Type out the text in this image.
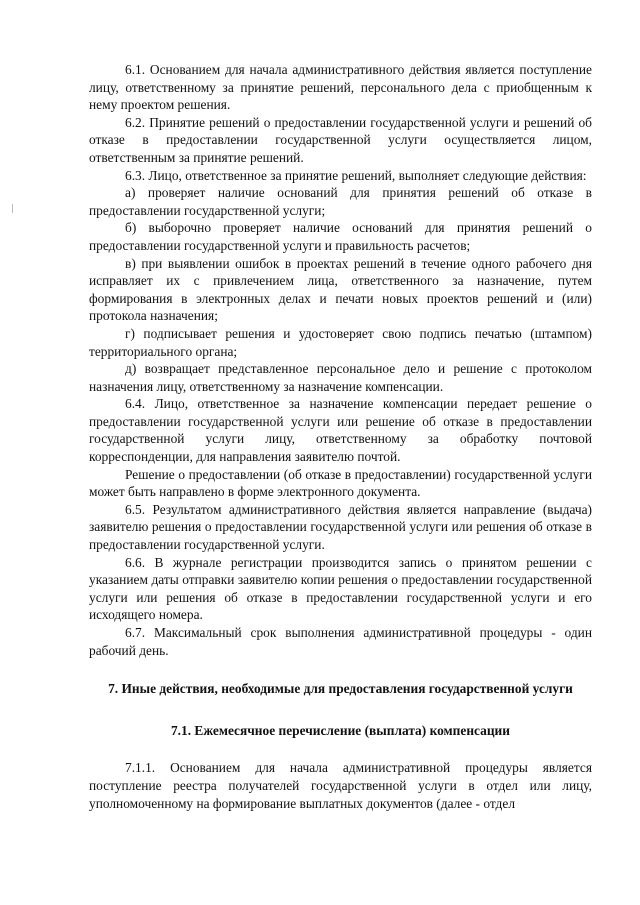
6.1. Основанием для начала административного действия является поступление лицу, ответственному за принятие решений, персонального дела с приобщенным к нему проектом решения.

6.2. Принятие решений о предоставлении государственной услуги и решений об отказе в предоставлении государственной услуги осуществляется лицом, ответственным за принятие решений.

6.3. Лицо, ответственное за принятие решений, выполняет следующие действия:

а) проверяет наличие оснований для принятия решений об отказе в предоставлении государственной услуги;

б) выборочно проверяет наличие оснований для принятия решений о предоставлении государственной услуги и правильность расчетов;

в) при выявлении ошибок в проектах решений в течение одного рабочего дня исправляет их с привлечением лица, ответственного за назначение, путем формирования в электронных делах и печати новых проектов решений и (или) протокола назначения;

г) подписывает решения и удостоверяет свою подпись печатью (штампом) территориального органа;

д) возвращает представленное персональное дело и решение с протоколом назначения лицу, ответственному за назначение компенсации.

6.4. Лицо, ответственное за назначение компенсации передает решение о предоставлении государственной услуги или решение об отказе в предоставлении государственной услуги лицу, ответственному за обработку почтовой корреспонденции, для направления заявителю почтой.

Решение о предоставлении (об отказе в предоставлении) государственной услуги может быть направлено в форме электронного документа.

6.5. Результатом административного действия является направление (выдача) заявителю решения о предоставлении государственной услуги или решения об отказе в предоставлении государственной услуги.

6.6. В журнале регистрации производится запись о принятом решении с указанием даты отправки заявителю копии решения о предоставлении государственной услуги или решения об отказе в предоставлении государственной услуги и его исходящего номера.

6.7. Максимальный срок выполнения административной процедуры - один рабочий день.

7. Иные действия, необходимые для предоставления государственной услуги
7.1. Ежемесячное перечисление (выплата) компенсации

7.1.1. Основанием для начала административной процедуры является поступление реестра получателей государственной услуги в отдел или лицу, уполномоченному на формирование выплатных документов (далее - отдел
